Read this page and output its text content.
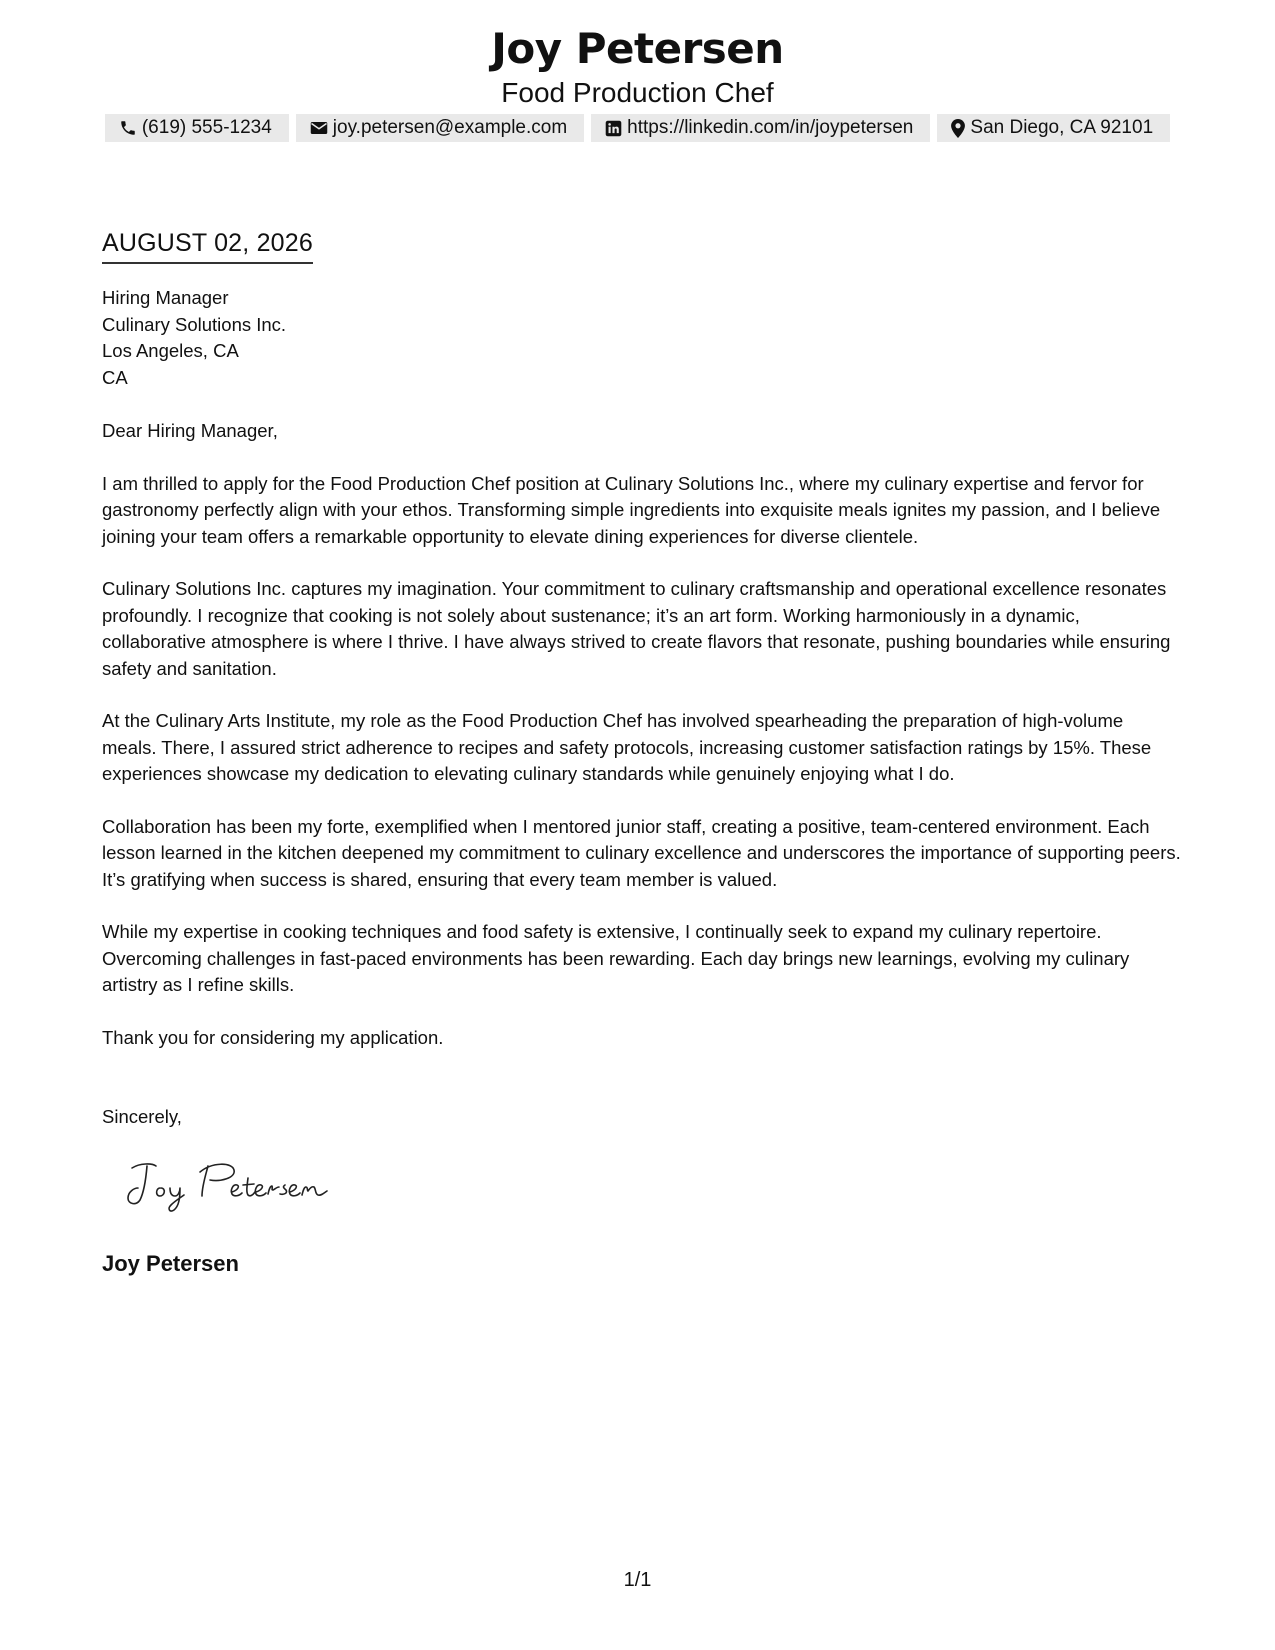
Joy Petersen
Food Production Chef
(619) 555-1234	joy.petersen@example.com	https://linkedin.com/in/joypetersen	San Diego, CA 92101
AUGUST 02, 2026
Hiring Manager
Culinary Solutions Inc.
Los Angeles, CA
CA

Dear Hiring Manager,

I am thrilled to apply for the Food Production Chef position at Culinary Solutions Inc., where my culinary expertise and fervor for gastronomy perfectly align with your ethos. Transforming simple ingredients into exquisite meals ignites my passion, and I believe joining your team offers a remarkable opportunity to elevate dining experiences for diverse clientele.

Culinary Solutions Inc. captures my imagination. Your commitment to culinary craftsmanship and operational excellence resonates profoundly. I recognize that cooking is not solely about sustenance; it’s an art form. Working harmoniously in a dynamic, collaborative atmosphere is where I thrive. I have always strived to create flavors that resonate, pushing boundaries while ensuring safety and sanitation.

At the Culinary Arts Institute, my role as the Food Production Chef has involved spearheading the preparation of high-volume meals. There, I assured strict adherence to recipes and safety protocols, increasing customer satisfaction ratings by 15%. These experiences showcase my dedication to elevating culinary standards while genuinely enjoying what I do.

Collaboration has been my forte, exemplified when I mentored junior staff, creating a positive, team-centered environment. Each lesson learned in the kitchen deepened my commitment to culinary excellence and underscores the importance of supporting peers. It’s gratifying when success is shared, ensuring that every team member is valued.

While my expertise in cooking techniques and food safety is extensive, I continually seek to expand my culinary repertoire. Overcoming challenges in fast-paced environments has been rewarding. Each day brings new learnings, evolving my culinary artistry as I refine skills.

Thank you for considering my application.

Sincerely,

Joy Petersen
1/1
